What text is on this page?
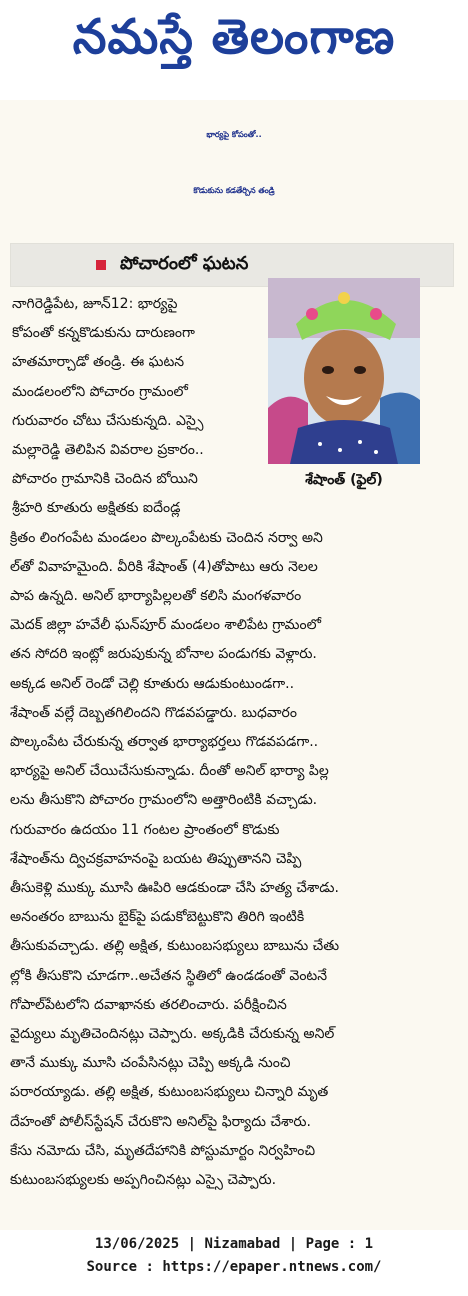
నమస్తే తెలంగాణ
భార్యపై కోపంతో..
కొడుకును కడతేర్చిన తండ్రి
పోచారంలో ఘటన
శేషాంత్ (ఫైల్)
నాగిరెడ్డిపేట, జూన్12: భార్యపై
కోపంతో కన్నకొడుకును దారుణంగా
హతమార్చాడో తండ్రి. ఈ ఘటన
మండలంలోని పోచారం గ్రామంలో
గురువారం చోటు చేసుకున్నది. ఎస్సై
మల్లారెడ్డి తెలిపిన వివరాల ప్రకారం..
పోచారం గ్రామానికి చెందిన బోయిని
శ్రీహరి కూతురు అక్షితకు ఐదేండ్ల
క్రితం లింగంపేట మండలం పొల్కంపేటకు చెందిన నర్వా అని
ల్‌తో వివాహమైంది. వీరికి శేషాంత్ (4)తోపాటు ఆరు నెలల
పాప ఉన్నది. అనిల్ భార్యాపిల్లలతో కలిసి మంగళవారం
మెదక్ జిల్లా హవేలీ ఘన్‌పూర్ మండలం శాలిపేట గ్రామంలో
తన సోదరి ఇంట్లో జరుపుకున్న బోనాల పండుగకు వెళ్లారు.
అక్కడ అనిల్ రెండో చెల్లి కూతురు ఆడుకుంటుండగా..
శేషాంత్ వల్లే దెబ్బతగిలిందని గొడవపడ్డారు. బుధవారం
పొల్కంపేట చేరుకున్న తర్వాత భార్యాభర్తలు గొడవపడగా..
భార్యపై అనిల్ చేయిచేసుకున్నాడు. దీంతో అనిల్ భార్యా పిల్ల
లను తీసుకొని పోచారం గ్రామంలోని అత్తారింటికి వచ్చాడు.
గురువారం ఉదయం 11 గంటల ప్రాంతంలో కొడుకు
శేషాంత్‌ను ద్విచక్రవాహనంపై బయట తిప్పుతానని చెప్పి
తీసుకెళ్లి ముక్కు మూసి ఊపిరి ఆడకుండా చేసి హత్య చేశాడు.
అనంతరం బాబును బైక్‌పై పడుకోబెట్టుకొని తిరిగి ఇంటికి
తీసుకువచ్చాడు. తల్లి అక్షిత, కుటుంబసభ్యులు బాబును చేతు
ల్లోకి తీసుకొని చూడగా..అచేతన స్థితిలో ఉండడంతో వెంటనే
గోపాల్‌పేటలోని దవాఖానకు తరలించారు. పరీక్షించిన
వైద్యులు మృతిచెందినట్లు చెప్పారు. అక్కడికి చేరుకున్న అనిల్
తానే ముక్కు మూసి చంపేసినట్లు చెప్పి అక్కడి నుంచి
పరారయ్యాడు. తల్లి అక్షిత, కుటుంబసభ్యులు చిన్నారి మృత
దేహంతో పోలీస్‌స్టేషన్ చేరుకొని అనిల్‌పై ఫిర్యాదు చేశారు.
కేసు నమోదు చేసి, మృతదేహానికి పోస్టుమార్టం నిర్వహించి
కుటుంబసభ్యులకు అప్పగించినట్లు ఎస్సై చెప్పారు.
13/06/2025 | Nizamabad | Page : 1
Source : https://epaper.ntnews.com/
